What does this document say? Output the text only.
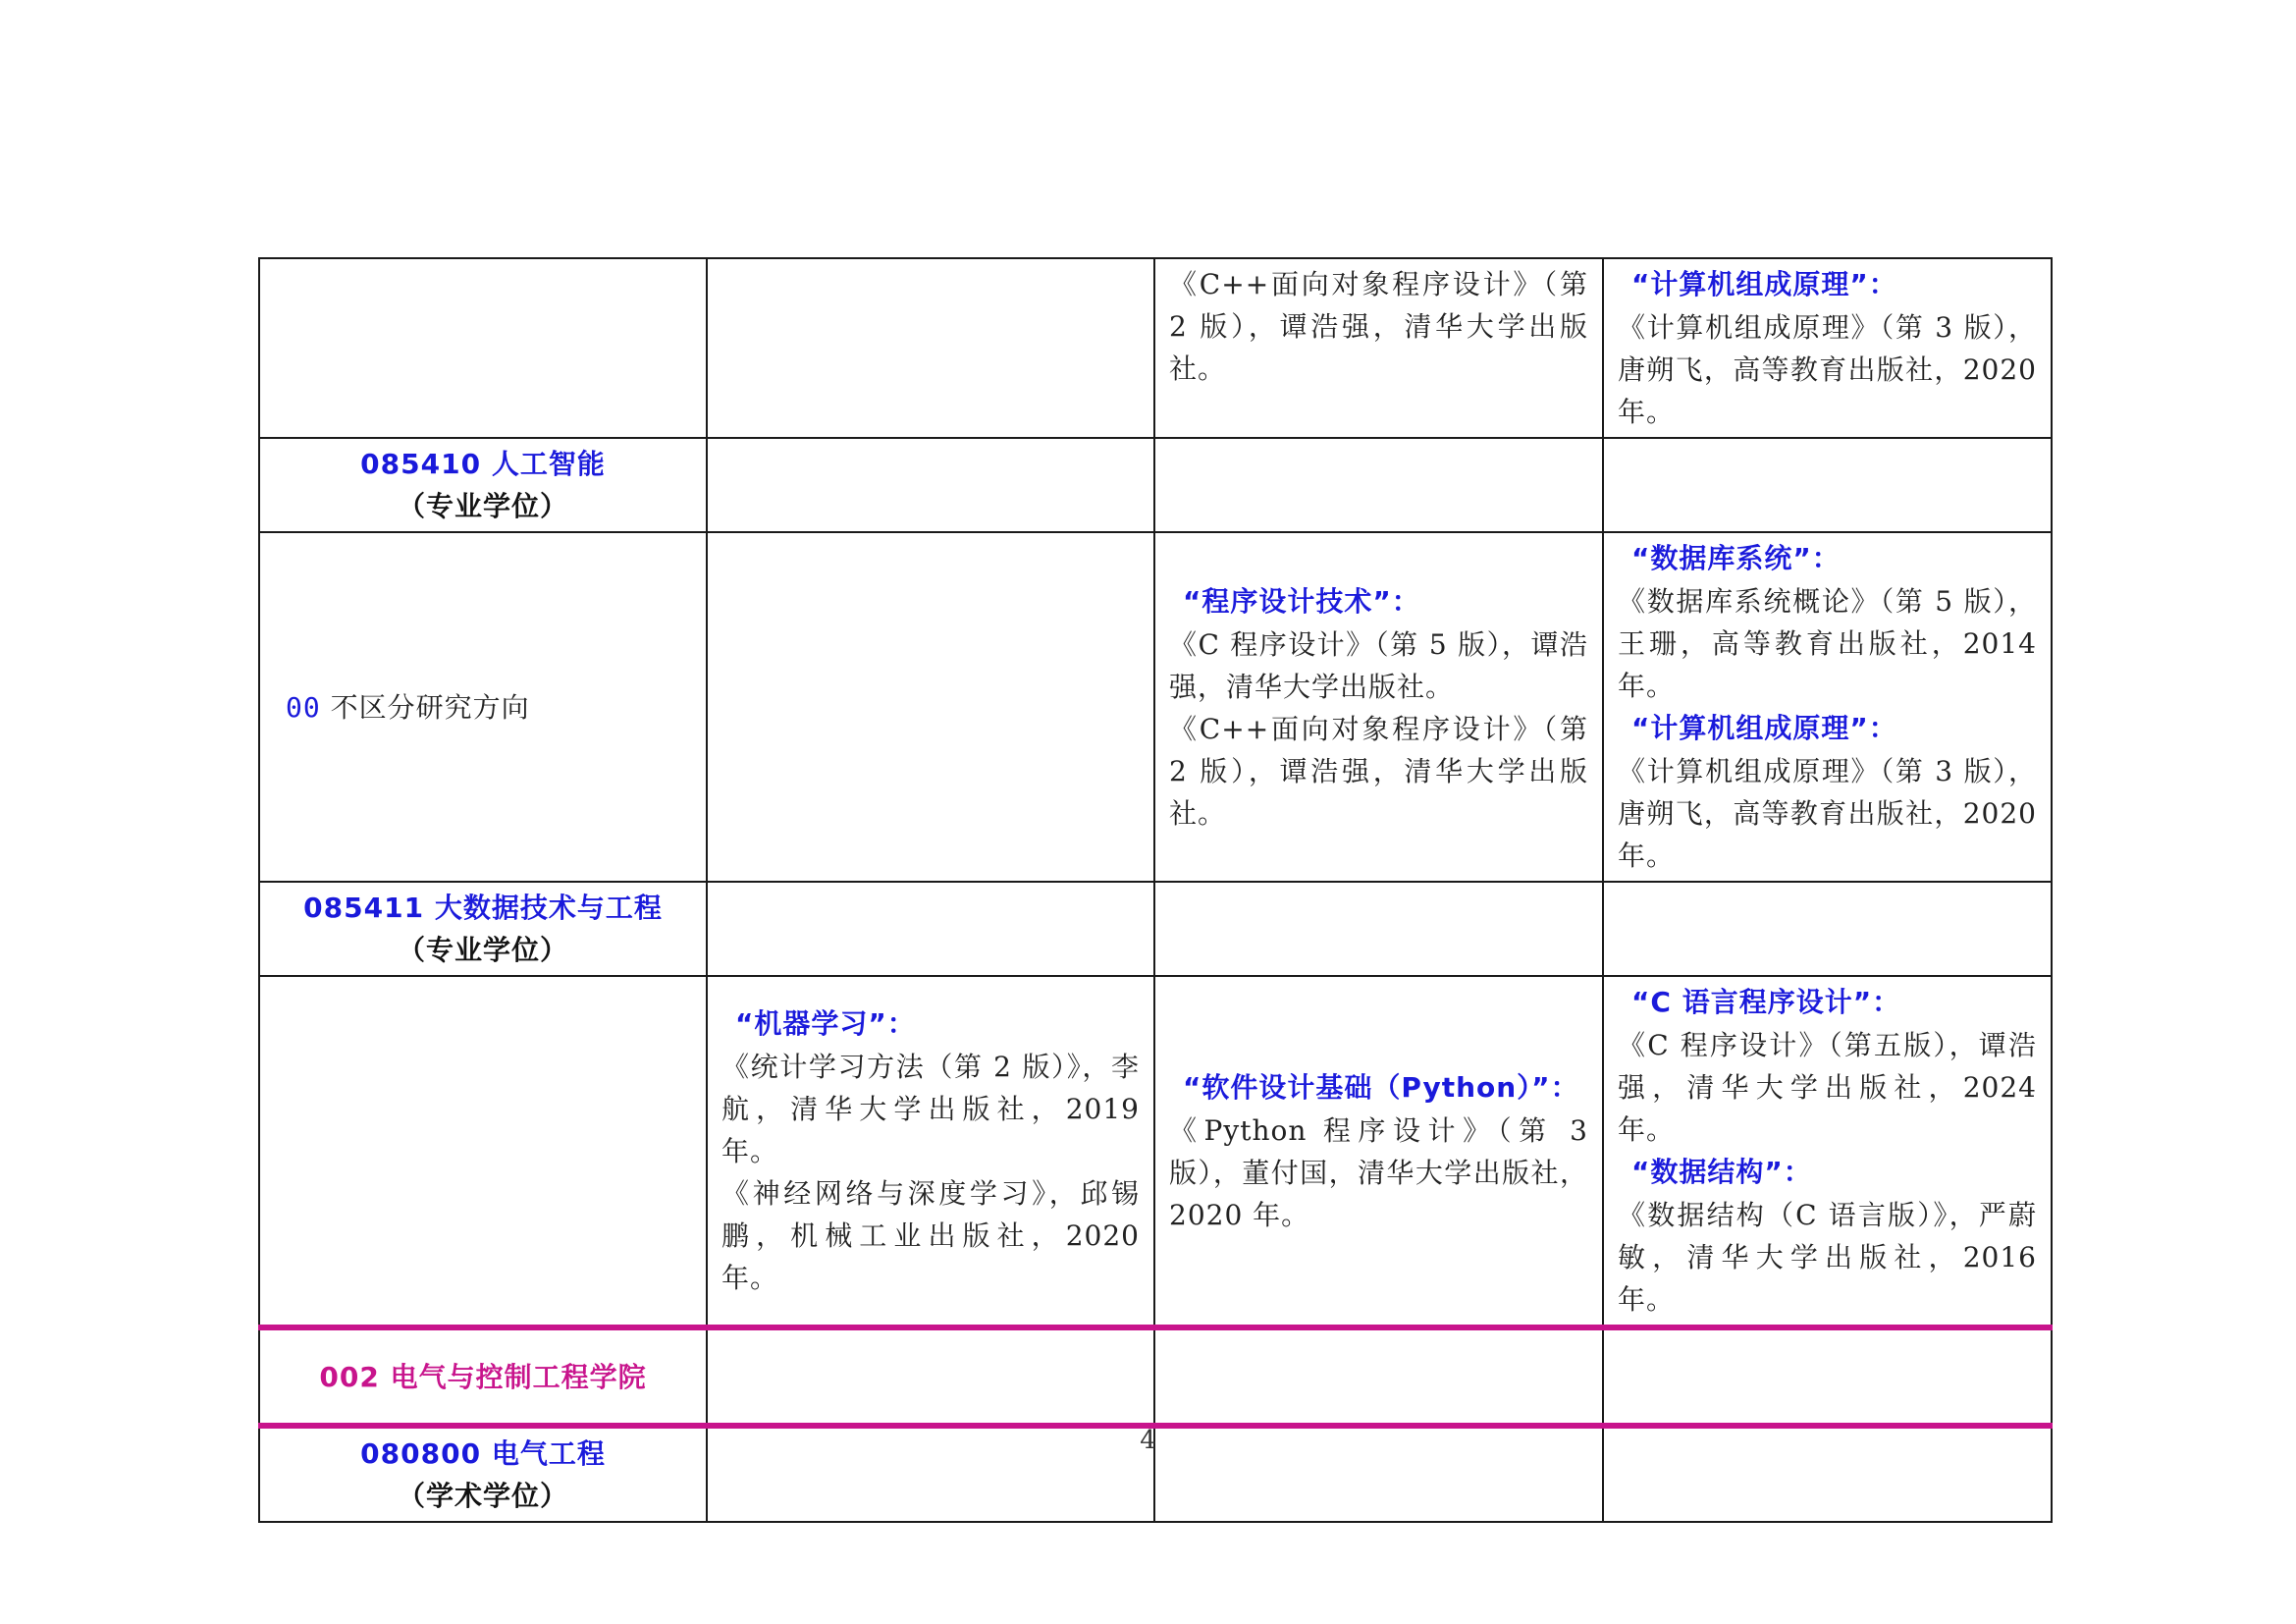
		《C++面向对象程序设计》（第 2 版），谭浩强，清华大学出版社。	“计算机组成原理”：
《计算机组成原理》（第 3 版），唐朔飞，高等教育出版社，2020 年。

085410 人工智能
（专业学位）			

00 不区分研究方向		“程序设计技术”：
《C 程序设计》（第 5 版），谭浩强，清华大学出版社。
《C++面向对象程序设计》（第 2 版），谭浩强，清华大学出版社。	“数据库系统”：
《数据库系统概论》（第 5 版），王珊，高等教育出版社，2014 年。
“计算机组成原理”：
《计算机组成原理》（第 3 版），唐朔飞，高等教育出版社，2020 年。

085411 大数据技术与工程
（专业学位）			

	“机器学习”：
《统计学习方法（第 2 版）》，李航，清华大学出版社，2019 年。
《神经网络与深度学习》，邱锡鹏，机械工业出版社，2020 年。	“软件设计基础（Python）”：
《Python 程序设计》（第 3 版），董付国，清华大学出版社，2020 年。	“C 语言程序设计”：
《C 程序设计》（第五版），谭浩强，清华大学出版社，2024 年。
“数据结构”：
《数据结构（C 语言版）》，严蔚敏，清华大学出版社，2016 年。

002 电气与控制工程学院			

080800 电气工程
（学术学位）			

4
